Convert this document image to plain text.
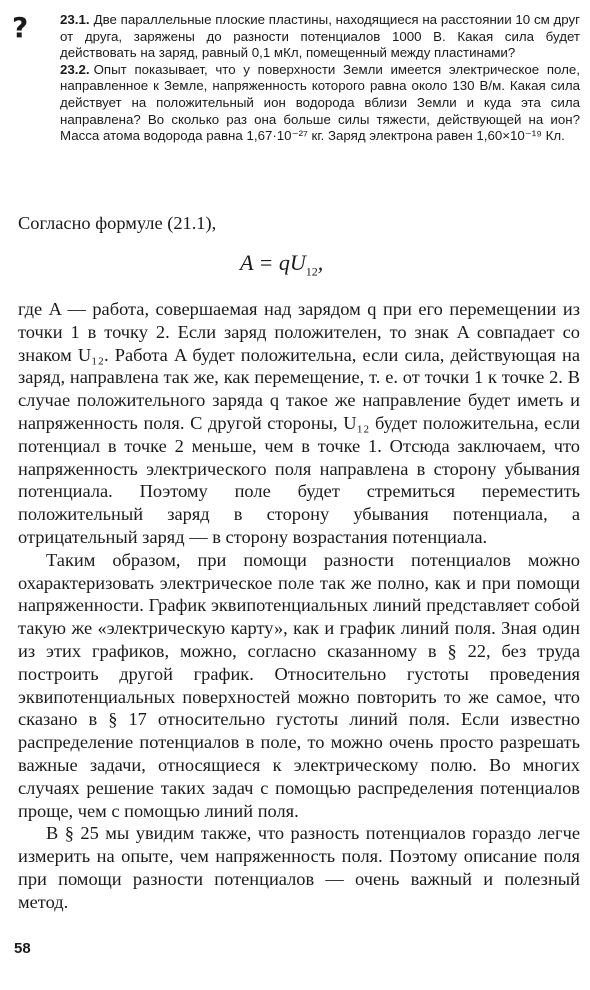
? 23.1. Две параллельные плоские пластины, находящиеся на расстоянии 10 см друг от друга, заряжены до разности потенциалов 1000 В. Какая сила будет действовать на заряд, равный 0,1 мКл, помещенный между пластинами?

23.2. Опыт показывает, что у поверхности Земли имеется электрическое поле, направленное к Земле, напряженность которого равна около 130 В/м. Какая сила действует на положительный ион водорода вблизи Земли и куда эта сила направлена? Во сколько раз она больше силы тяжести, действующей на ион? Масса атома водорода равна 1,67·10⁻²⁷ кг. Заряд электрона равен 1,60×10⁻¹⁹ Кл.

Согласно формуле (21.1),
$A = qU_{12}$,

где A — работа, совершаемая над зарядом q при его перемещении из точки 1 в точку 2. Если заряд положителен, то знак A совпадает со знаком U₁₂. Работа A будет положительна, если сила, действующая на заряд, направлена так же, как перемещение, т. е. от точки 1 к точке 2. В случае положительного заряда q такое же направление будет иметь и напряженность поля. С другой стороны, U₁₂ будет положительна, если потенциал в точке 2 меньше, чем в точке 1. Отсюда заключаем, что напряженность электрического поля направлена в сторону убывания потенциала. Поэтому поле будет стремиться переместить положительный заряд в сторону убывания потенциала, а отрицательный заряд — в сторону возрастания потенциала.

Таким образом, при помощи разности потенциалов можно охарактеризовать электрическое поле так же полно, как и при помощи напряженности. График эквипотенциальных линий представляет собой такую же «электрическую карту», как и график линий поля. Зная один из этих графиков, можно, согласно сказанному в § 22, без труда построить другой график. Относительно густоты проведения эквипотенциальных поверхностей можно повторить то же самое, что сказано в § 17 относительно густоты линий поля. Если известно распределение потенциалов в поле, то можно очень просто разрешать важные задачи, относящиеся к электрическому полю. Во многих случаях решение таких задач с помощью распределения потенциалов проще, чем с помощью линий поля.

В § 25 мы увидим также, что разность потенциалов гораздо легче измерить на опыте, чем напряженность поля. Поэтому описание поля при помощи разности потенциалов — очень важный и полезный метод.

58
